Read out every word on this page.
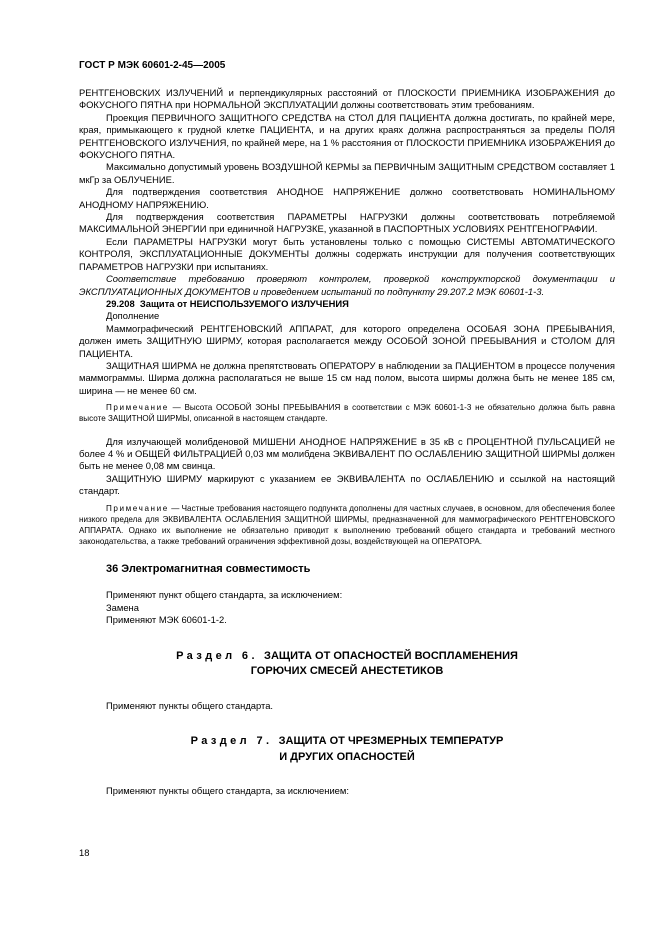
ГОСТ Р МЭК 60601-2-45—2005

РЕНТГЕНОВСКИХ ИЗЛУЧЕНИЙ и перпендикулярных расстояний от ПЛОСКОСТИ ПРИЕМНИКА ИЗОБРАЖЕНИЯ до ФОКУСНОГО ПЯТНА при НОРМАЛЬНОЙ ЭКСПЛУАТАЦИИ должны соответствовать этим требованиям.

Проекция ПЕРВИЧНОГО ЗАЩИТНОГО СРЕДСТВА на СТОЛ ДЛЯ ПАЦИЕНТА должна достигать, по крайней мере, края, примыкающего к грудной клетке ПАЦИЕНТА, и на других краях должна распространяться за пределы ПОЛЯ РЕНТГЕНОВСКОГО ИЗЛУЧЕНИЯ, по крайней мере, на 1 % расстояния от ПЛОСКОСТИ ПРИЕМНИКА ИЗОБРАЖЕНИЯ до ФОКУСНОГО ПЯТНА.

Максимально допустимый уровень ВОЗДУШНОЙ КЕРМЫ за ПЕРВИЧНЫМ ЗАЩИТНЫМ СРЕДСТВОМ составляет 1 мкГр за ОБЛУЧЕНИЕ.

Для подтверждения соответствия АНОДНОЕ НАПРЯЖЕНИЕ должно соответствовать НОМИНАЛЬНОМУ АНОДНОМУ НАПРЯЖЕНИЮ.

Для подтверждения соответствия ПАРАМЕТРЫ НАГРУЗКИ должны соответствовать потребляемой МАКСИМАЛЬНОЙ ЭНЕРГИИ при единичной НАГРУЗКЕ, указанной в ПАСПОРТНЫХ УСЛОВИЯХ РЕНТГЕНОГРАФИИ.

Если ПАРАМЕТРЫ НАГРУЗКИ могут быть установлены только с помощью СИСТЕМЫ АВТОМАТИЧЕСКОГО КОНТРОЛЯ, ЭКСПЛУАТАЦИОННЫЕ ДОКУМЕНТЫ должны содержать инструкции для получения соответствующих ПАРАМЕТРОВ НАГРУЗКИ при испытаниях.

Соответствие требованию проверяют контролем, проверкой конструкторской документации и ЭКСПЛУАТАЦИОННЫХ ДОКУМЕНТОВ и проведением испытаний по подпункту 29.207.2 МЭК 60601-1-3.

29.208 Защита от НЕИСПОЛЬЗУЕМОГО ИЗЛУЧЕНИЯ

Дополнение

Маммографический РЕНТГЕНОВСКИЙ АППАРАТ, для которого определена ОСОБАЯ ЗОНА ПРЕБЫВАНИЯ, должен иметь ЗАЩИТНУЮ ШИРМУ, которая располагается между ОСОБОЙ ЗОНОЙ ПРЕБЫВАНИЯ и СТОЛОМ ДЛЯ ПАЦИЕНТА.

ЗАЩИТНАЯ ШИРМА не должна препятствовать ОПЕРАТОРУ в наблюдении за ПАЦИЕНТОМ в процессе получения маммограммы. Ширма должна располагаться не выше 15 см над полом, высота ширмы должна быть не менее 185 см, ширина — не менее 60 см.

Примечание — Высота ОСОБОЙ ЗОНЫ ПРЕБЫВАНИЯ в соответствии с МЭК 60601-1-3 не обязательно должна быть равна высоте ЗАЩИТНОЙ ШИРМЫ, описанной в настоящем стандарте.

Для излучающей молибденовой МИШЕНИ АНОДНОЕ НАПРЯЖЕНИЕ в 35 кВ с ПРОЦЕНТНОЙ ПУЛЬСАЦИЕЙ не более 4 % и ОБЩЕЙ ФИЛЬТРАЦИЕЙ 0,03 мм молибдена ЭКВИВАЛЕНТ ПО ОСЛАБЛЕНИЮ ЗАЩИТНОЙ ШИРМЫ должен быть не менее 0,08 мм свинца.

ЗАЩИТНУЮ ШИРМУ маркируют с указанием ее ЭКВИВАЛЕНТА по ОСЛАБЛЕНИЮ и ссылкой на настоящий стандарт.

Примечание — Частные требования настоящего подпункта дополнены для частных случаев, в основном, для обеспечения более низкого предела для ЭКВИВАЛЕНТА ОСЛАБЛЕНИЯ ЗАЩИТНОЙ ШИРМЫ, предназначенной для маммографического РЕНТГЕНОВСКОГО АППАРАТА. Однако их выполнение не обязательно приводит к выполнению требований общего стандарта и требований местного законодательства, а также требований ограничения эффективной дозы, воздействующей на ОПЕРАТОРА.
36 Электромагнитная совместимость

Применяют пункт общего стандарта, за исключением:

Замена

Применяют МЭК 60601-1-2.

Раздел 6. ЗАЩИТА ОТ ОПАСНОСТЕЙ ВОСПЛАМЕНЕНИЯ
ГОРЮЧИХ СМЕСЕЙ АНЕСТЕТИКОВ

Применяют пункты общего стандарта.

Раздел 7. ЗАЩИТА ОТ ЧРЕЗМЕРНЫХ ТЕМПЕРАТУР
И ДРУГИХ ОПАСНОСТЕЙ

Применяют пункты общего стандарта, за исключением:

18
